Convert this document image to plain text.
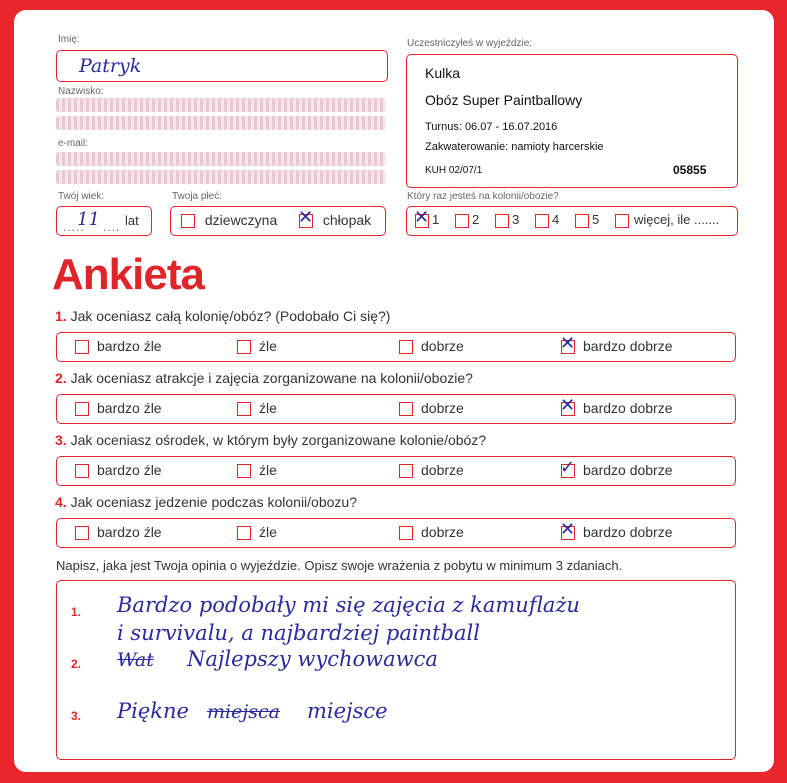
Imię:
Patryk
Nazwisko:
e-mail:
Twój wiek:
.....
11 .... lat
Twoja płeć:
dziewczyna ✕ chłopak
Uczestniczyłeś w wyjeździe:
Kulka
Obóz Super Paintballowy
Turnus: 06.07 - 16.07.2016
Zakwaterowanie: namioty harcerskie
KUH 02/07/1	05855
Który raz jesteś na kolonii/obozie?
✕ 1	2	3	4	5	więcej, ile .......
Ankieta
1. Jak oceniasz całą kolonię/obóz? (Podobało Ci się?)
bardzo źle	źle	dobrze	✕ bardzo dobrze
2. Jak oceniasz atrakcje i zajęcia zorganizowane na kolonii/obozie?
bardzo źle	źle	dobrze	✕ bardzo dobrze
3. Jak oceniasz ośrodek, w którym były zorganizowane kolonie/obóz?
bardzo źle	źle	dobrze	✓ bardzo dobrze
4. Jak oceniasz jedzenie podczas kolonii/obozu?
bardzo źle	źle	dobrze	✕ bardzo dobrze
Napisz, jaka jest Twoja opinia o wyjeździe. Opisz swoje wrażenia z pobytu w minimum 3 zdaniach.
1. Bardzo podobały mi się zajęcia z kamuflażu
i survivalu, a najbardziej paintball
2. Wat Najlepszy wychowawca
3. Piękne miejsca miejsce
